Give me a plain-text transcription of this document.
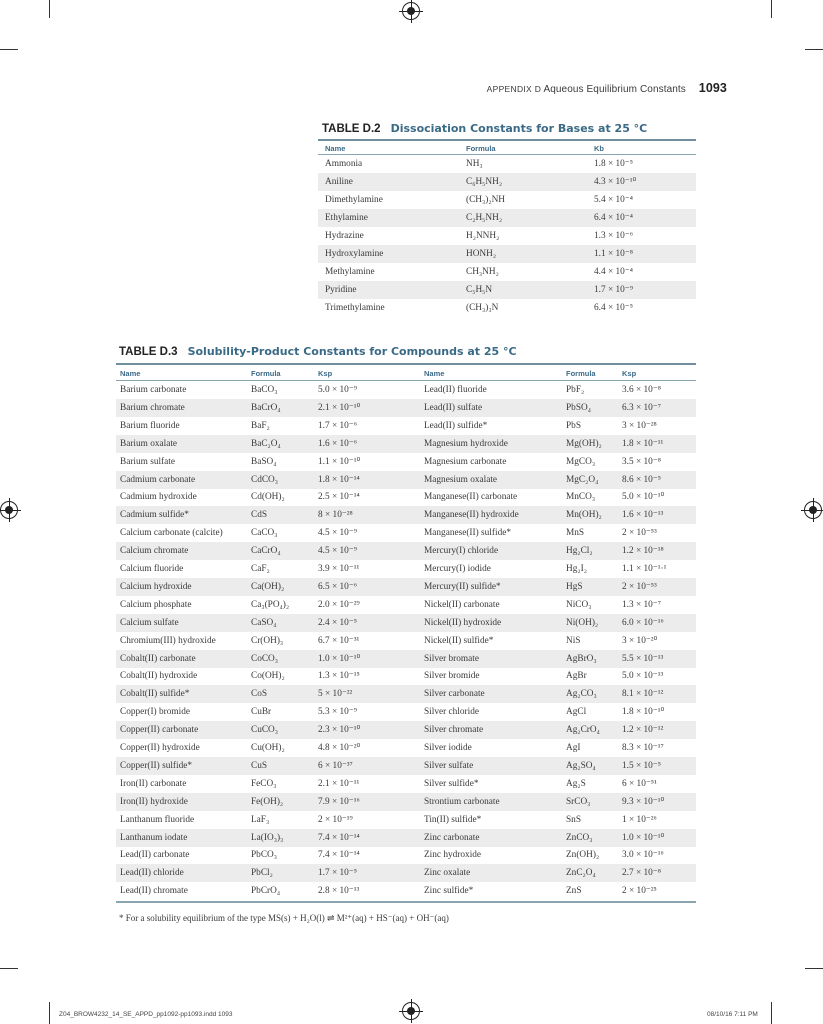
APPENDIX D Aqueous Equilibrium Constants 1093
TABLE D.2 Dissociation Constants for Bases at 25 °C
Name	Formula	Kb
Ammonia	NH₃	1.8 × 10⁻⁵
Aniline	C₆H₅NH₂	4.3 × 10⁻¹⁰
Dimethylamine	(CH₃)₂NH	5.4 × 10⁻⁴
Ethylamine	C₂H₅NH₂	6.4 × 10⁻⁴
Hydrazine	H₂NNH₂	1.3 × 10⁻⁶
Hydroxylamine	HONH₂	1.1 × 10⁻⁸
Methylamine	CH₃NH₂	4.4 × 10⁻⁴
Pyridine	C₅H₅N	1.7 × 10⁻⁹
Trimethylamine	(CH₃)₃N	6.4 × 10⁻⁵
TABLE D.3 Solubility-Product Constants for Compounds at 25 °C
Name	Formula	Ksp	Name	Formula	Ksp
Barium carbonate	BaCO₃	5.0 × 10⁻⁹	Lead(II) fluoride	PbF₂	3.6 × 10⁻⁸
Barium chromate	BaCrO₄	2.1 × 10⁻¹⁰	Lead(II) sulfate	PbSO₄	6.3 × 10⁻⁷
Barium fluoride	BaF₂	1.7 × 10⁻⁶	Lead(II) sulfide*	PbS	3 × 10⁻²⁸
Barium oxalate	BaC₂O₄	1.6 × 10⁻⁶	Magnesium hydroxide	Mg(OH)₂ 1.8 × 10⁻¹¹
Barium sulfate	BaSO₄	1.1 × 10⁻¹⁰	Magnesium carbonate	MgCO₃	3.5 × 10⁻⁸
Cadmium carbonate	CdCO₃	1.8 × 10⁻¹⁴	Magnesium oxalate	MgC₂O₄	8.6 × 10⁻⁵
Cadmium hydroxide	Cd(OH)₂	2.5 × 10⁻¹⁴	Manganese(II) carbonate	MnCO₃	5.0 × 10⁻¹⁰
Cadmium sulfide*	CdS	8 × 10⁻²⁸	Manganese(II) hydroxide	Mn(OH)₂ 1.6 × 10⁻¹³
Calcium carbonate (calcite)	CaCO₃	4.5 × 10⁻⁹	Manganese(II) sulfide*	MnS	2 × 10⁻⁵³
Calcium chromate	CaCrO₄	4.5 × 10⁻⁹	Mercury(I) chloride	Hg₂Cl₂	1.2 × 10⁻¹⁸
Calcium fluoride	CaF₂	3.9 × 10⁻¹¹	Mercury(I) iodide	Hg₂I₂	1.1 × 10⁻¹·¹
Calcium hydroxide	Ca(OH)₂	6.5 × 10⁻⁶	Mercury(II) sulfide*	HgS	2 × 10⁻⁵³
Calcium phosphate	Ca₃(PO₄)₂	2.0 × 10⁻²⁹	Nickel(II) carbonate	NiCO₃	1.3 × 10⁻⁷
Calcium sulfate	CaSO₄	2.4 × 10⁻⁵	Nickel(II) hydroxide	Ni(OH)₂	6.0 × 10⁻¹⁶
Chromium(III) hydroxide	Cr(OH)₃	6.7 × 10⁻³¹	Nickel(II) sulfide*	NiS	3 × 10⁻²⁰
Cobalt(II) carbonate	CoCO₃	1.0 × 10⁻¹⁰	Silver bromate	AgBrO₃	5.5 × 10⁻¹³
Cobalt(II) hydroxide	Co(OH)₂	1.3 × 10⁻¹⁵	Silver bromide	AgBr	5.0 × 10⁻¹³
Cobalt(II) sulfide*	CoS	5 × 10⁻²²	Silver carbonate	Ag₂CO₃	8.1 × 10⁻¹²
Copper(I) bromide	CuBr	5.3 × 10⁻⁹	Silver chloride	AgCl	1.8 × 10⁻¹⁰
Copper(II) carbonate	CuCO₃	2.3 × 10⁻¹⁰	Silver chromate	Ag₂CrO₄ 1.2 × 10⁻¹²
Copper(II) hydroxide	Cu(OH)₂	4.8 × 10⁻²⁰	Silver iodide	AgI	8.3 × 10⁻¹⁷
Copper(II) sulfide*	CuS	6 × 10⁻³⁷	Silver sulfate	Ag₂SO₄	1.5 × 10⁻⁵
Iron(II) carbonate	FeCO₃	2.1 × 10⁻¹¹	Silver sulfide*	Ag₂S	6 × 10⁻⁵¹
Iron(II) hydroxide	Fe(OH)₂	7.9 × 10⁻¹⁶	Strontium carbonate	SrCO₃	9.3 × 10⁻¹⁰
Lanthanum fluoride	LaF₃	2 × 10⁻¹⁹	Tin(II) sulfide*	SnS	1 × 10⁻²⁶
Lanthanum iodate	La(IO₃)₃	7.4 × 10⁻¹⁴	Zinc carbonate	ZnCO₃	1.0 × 10⁻¹⁰
Lead(II) carbonate	PbCO₃	7.4 × 10⁻¹⁴	Zinc hydroxide	Zn(OH)₂ 3.0 × 10⁻¹⁶
Lead(II) chloride	PbCl₂	1.7 × 10⁻⁵	Zinc oxalate	ZnC₂O₄	2.7 × 10⁻⁸
Lead(II) chromate	PbCrO₄	2.8 × 10⁻¹³	Zinc sulfide*	ZnS	2 × 10⁻²⁵
* For a solubility equilibrium of the type MS(s) + H₂O(l) ⇌ M²⁺(aq) + HS⁻(aq) + OH⁻(aq)
Z04_BROW4232_14_SE_APPD_pp1092-pp1093.indd 1093	08/10/16 7:11 PM
